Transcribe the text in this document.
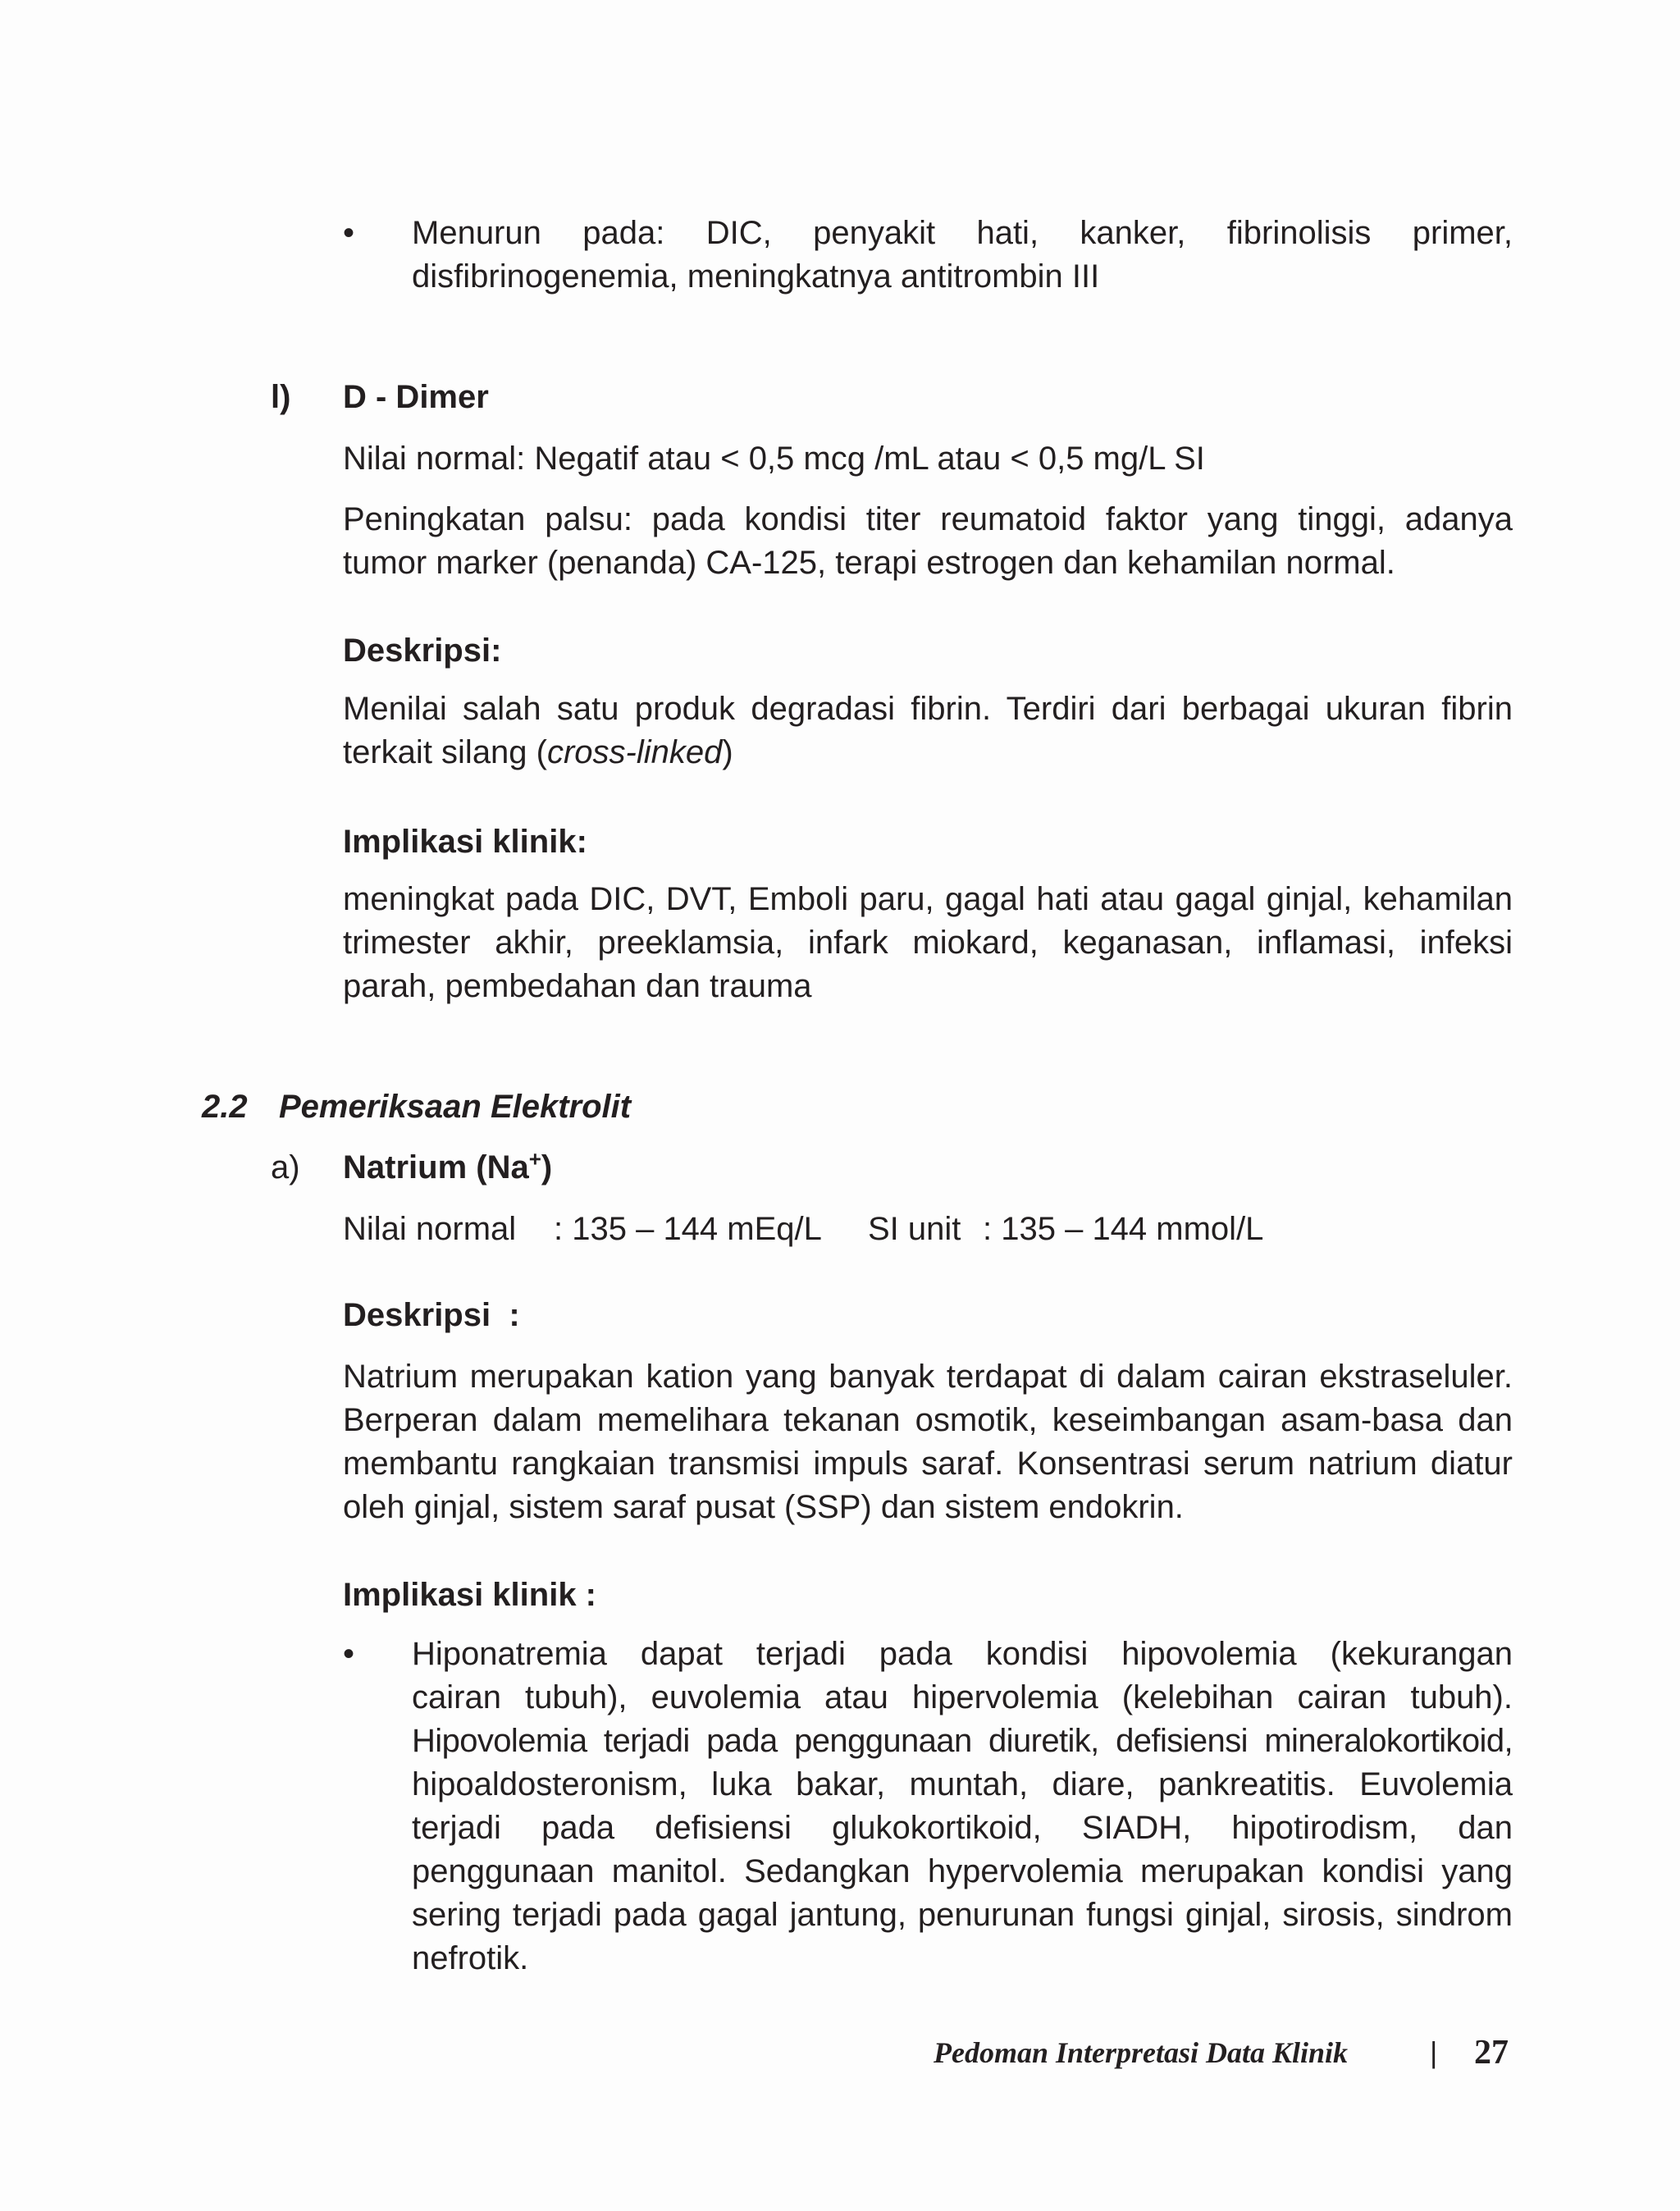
• Menurun pada: DIC, penyakit hati, kanker, fibrinolisis primer,

disfibrinogenemia, meningkatnya antitrombin III

l) D - Dimer

Nilai normal: Negatif atau < 0,5 mcg /mL atau < 0,5 mg/L SI

Peningkatan palsu: pada kondisi titer reumatoid faktor yang tinggi, adanya

tumor marker (penanda) CA-125, terapi estrogen dan kehamilan normal.

Deskripsi:

Menilai salah satu produk degradasi fibrin. Terdiri dari berbagai ukuran fibrin

terkait silang (cross-linked)

Implikasi klinik:

meningkat pada DIC, DVT, Emboli paru, gagal hati atau gagal ginjal, kehamilan

trimester akhir, preeklamsia, infark miokard, keganasan, inflamasi, infeksi

parah, pembedahan dan trauma

2.2 Pemeriksaan Elektrolit
a) Natrium (Na+)
Nilai normal : 135 – 144 mEq/L SI unit : 135 – 144 mmol/L
Deskripsi  :

Natrium merupakan kation yang banyak terdapat di dalam cairan ekstraseluler.

Berperan dalam memelihara tekanan osmotik, keseimbangan asam-basa dan

membantu rangkaian transmisi impuls saraf. Konsentrasi serum natrium diatur

oleh ginjal, sistem saraf pusat (SSP) dan sistem endokrin.

Implikasi klinik :
• Hiponatremia dapat terjadi pada kondisi hipovolemia (kekurangan

cairan tubuh), euvolemia atau hipervolemia (kelebihan cairan tubuh).

Hipovolemia terjadi pada penggunaan diuretik, defisiensi mineralokortikoid,

hipoaldosteronism, luka bakar, muntah, diare, pankreatitis. Euvolemia

terjadi pada defisiensi glukokortikoid, SIADH, hipotirodism, dan

penggunaan manitol. Sedangkan hypervolemia merupakan kondisi yang

sering terjadi pada gagal jantung, penurunan fungsi ginjal, sirosis, sindrom

nefrotik.

Pedoman Interpretasi Data Klinik	| 27
